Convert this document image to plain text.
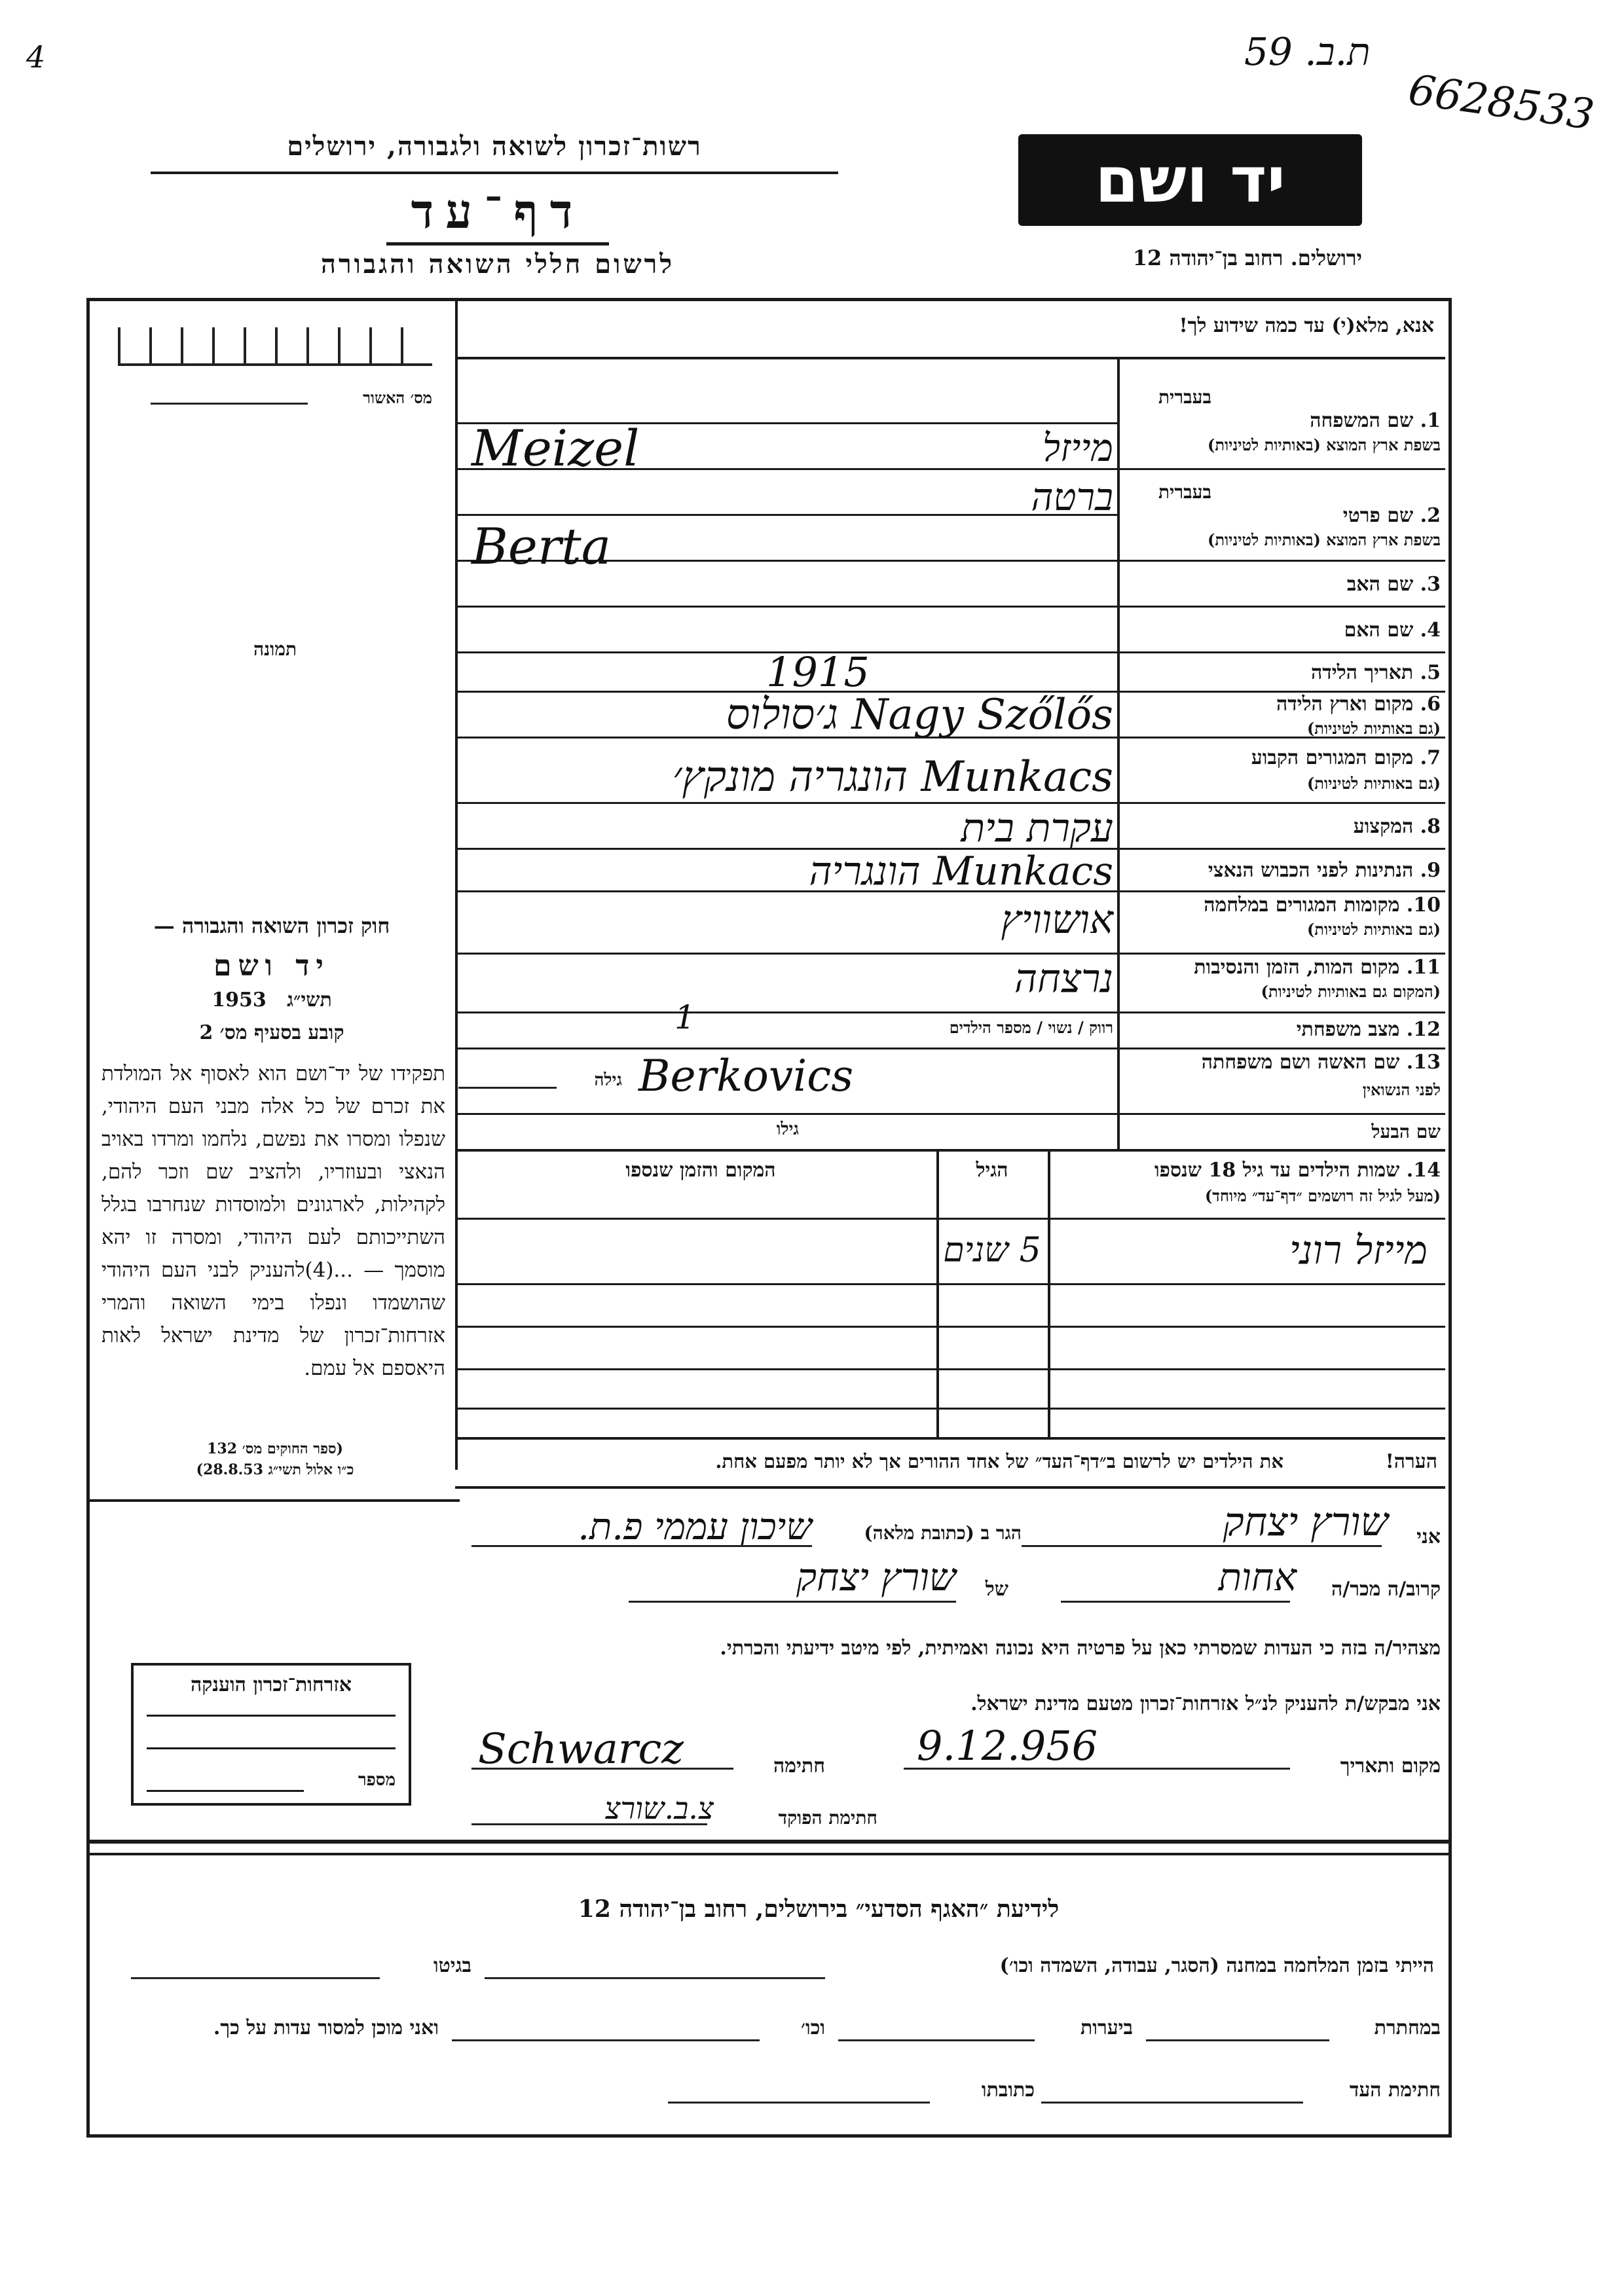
4	ת.ב. 59
6628533
רשות־זכרון לשואה ולגבורה, ירושלים
דף־עד
לרשום חללי השואה והגבורה
יד ושם
ירושלים. רחוב בן־יהודה 12
אנא, מלא(י) עד כמה שידוע לך!
מס׳ האשור
תמונה
בעברית
1. שם המשפחה
בשפת ארץ המוצא (באותיות לטיניות)
בעברית
2. שם פרטי
בשפת ארץ המוצא (באותיות לטיניות)
3. שם האב
4. שם האם
5. תאריך הלידה
6. מקום וארץ הלידה
(גם באותיות לטיניות)
7. מקום המגורים הקבוע
(גם באותיות לטיניות)
8. המקצוע
9. הנתינות לפני הכבוש הנאצי
10. מקומות המגורים במלחמה
(גם באותיות לטיניות)
11. מקום המות, הזמן והנסיבות
(המקום גם באותיות לטיניות)
12. מצב משפחתי
רווק / נשוי / מספר הילדים
13. שם האשה ושם משפחתה
לפני הנשואין
גילה
שם הבעל
גילו
מייזל
Meizel
ברטה
Berta
1915
Nagy Szőlős ג׳סולוס
Munkacs הונגריה מונקץ׳
עקרת בית
Munkacs הונגריה
אושוויץ
נרצחה
1
Berkovics
14. שמות הילדים עד גיל 18 שנספו
(מעל לגיל זה רושמים ״דף־עד״ מיוחד)
הגיל
המקום והזמן שנספו
מייזל רוני
5 שנים
הערה!
את הילדים יש לרשום ב״דף־העד״ של אחד ההורים אך לא יותר מפעם אחת.
חוק זכרון השואה והגבורה —
יד ושם
תשי״ג   1953
קובע בסעיף מס׳ 2
תפקידו של יד־ושם הוא לאסוף אל המולדת את זכרם של כל אלה מבני העם היהודי, שנפלו ומסרו את נפשם, נלחמו ומרדו באויב הנאצי ובעוזריו, ולהציב שם וזכר להם, לקהילות, לארגונים ולמוסדות שנחרבו בגלל השתייכותם לעם היהודי, ומסרה זו יהא מוסמך — ...(4)להעניק לבני העם היהודי שהושמדו ונפלו בימי השואה והמרי אזרחות־זכרון של מדינת ישראל לאות היאספם אל עמם.
(ספר החוקים מס׳ 132
כ״ו אלול תשי״ג 28.8.53)
אני
שורץ יצחק
הגר ב (כתובת מלאה)
שיכון עממי פ.ת.
קרוב/ה מכר/ה
אחות
של
שורץ יצחק
מצהיר/ה בזה כי העדות שמסרתי כאן על פרטיה היא נכונה ואמיתית, לפי מיטב ידיעתי והכרתי.
אני מבקש/ת להעניק לנ״ל אזרחות־זכרון מטעם מדינת ישראל.
מקום ותאריך
9.12.956
חתימה
Schwarcz
חתימת הפוקד
צ.ב.שורצ
אזרחות־זכרון הוענקה
מספר
לידיעת ״האגף הסדעי״ בירושלים, רחוב בן־יהודה 12
הייתי בזמן המלחמה במחנה (הסגר, עבודה, השמדה וכו׳)
בגיטו
במחתרת
ביערות
וכו׳
ואני מוכן למסור עדות על כך.
חתימת העד
כתובתו
